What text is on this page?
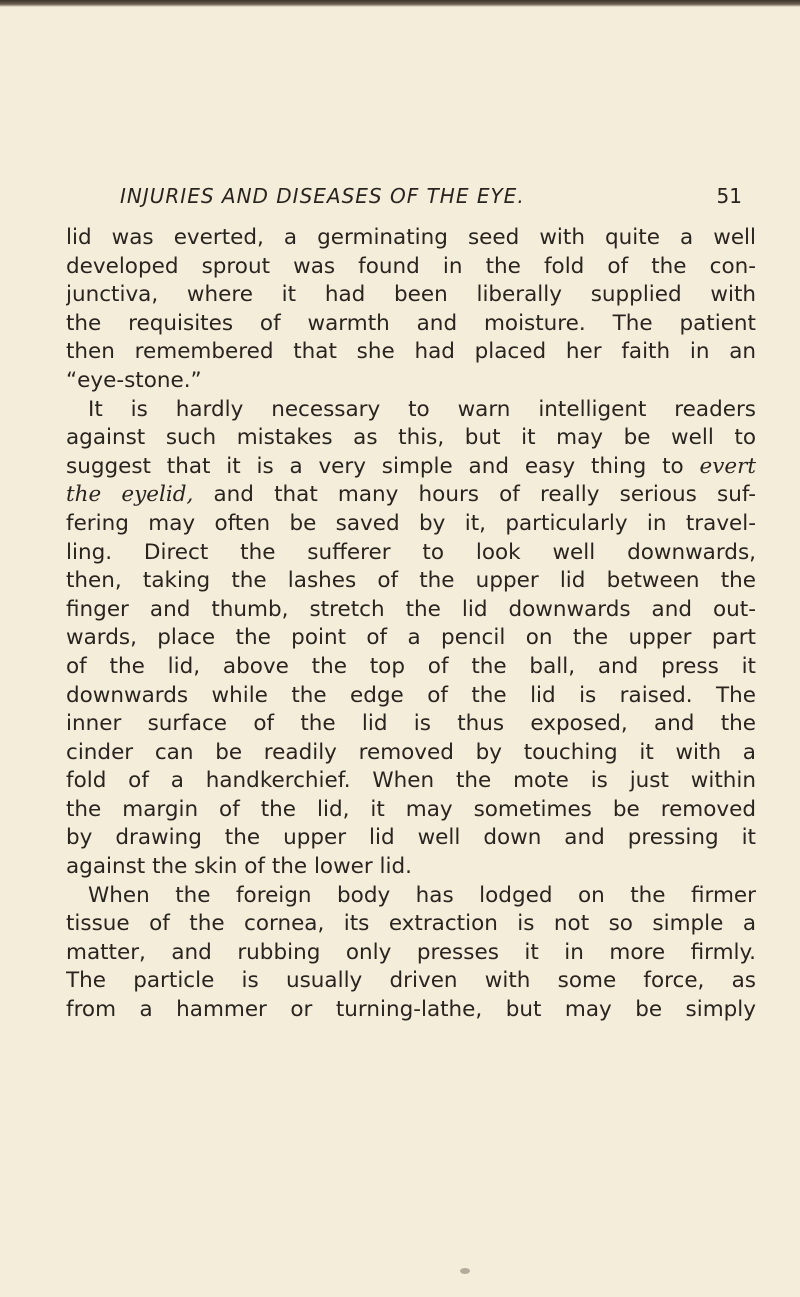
INJURIES AND DISEASES OF THE EYE.	51
lid was everted, a germinating seed with quite a well
developed sprout was found in the fold of the con-
junctiva, where it had been liberally supplied with
the requisites of warmth and moisture. The patient
then remembered that she had placed her faith in an
“eye-stone.”
It is hardly necessary to warn intelligent readers
against such mistakes as this, but it may be well to
suggest that it is a very simple and easy thing to evert
the eyelid, and that many hours of really serious suf-
fering may often be saved by it, particularly in travel-
ling. Direct the sufferer to look well downwards,
then, taking the lashes of the upper lid between the
finger and thumb, stretch the lid downwards and out-
wards, place the point of a pencil on the upper part
of the lid, above the top of the ball, and press it
downwards while the edge of the lid is raised. The
inner surface of the lid is thus exposed, and the
cinder can be readily removed by touching it with a
fold of a handkerchief. When the mote is just within
the margin of the lid, it may sometimes be removed
by drawing the upper lid well down and pressing it
against the skin of the lower lid.
When the foreign body has lodged on the firmer
tissue of the cornea, its extraction is not so simple a
matter, and rubbing only presses it in more firmly.
The particle is usually driven with some force, as
from a hammer or turning-lathe, but may be simply
